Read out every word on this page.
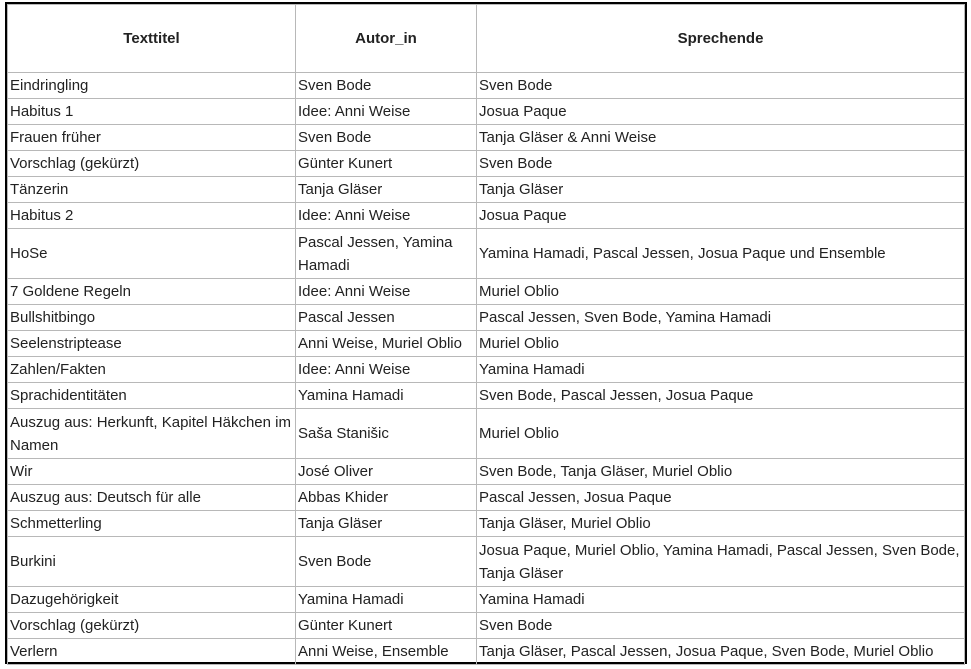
Texttitel	Autor_in	Sprechende
Eindringling	Sven Bode	Sven Bode
Habitus 1	Idee: Anni Weise	Josua Paque
Frauen früher	Sven Bode	Tanja Gläser & Anni Weise
Vorschlag (gekürzt)	Günter Kunert	Sven Bode
Tänzerin	Tanja Gläser	Tanja Gläser
Habitus 2	Idee: Anni Weise	Josua Paque
HoSe	Pascal Jessen, Yamina Hamadi	Yamina Hamadi, Pascal Jessen, Josua Paque und Ensemble
7 Goldene Regeln	Idee: Anni Weise	Muriel Oblio
Bullshitbingo	Pascal Jessen	Pascal Jessen, Sven Bode, Yamina Hamadi
Seelenstriptease	Anni Weise, Muriel Oblio	Muriel Oblio
Zahlen/Fakten	Idee: Anni Weise	Yamina Hamadi
Sprachidentitäten	Yamina Hamadi	Sven Bode, Pascal Jessen, Josua Paque
Auszug aus: Herkunft, Kapitel Häkchen im Namen	Saša Stanišic	Muriel Oblio
Wir	José Oliver	Sven Bode, Tanja Gläser, Muriel Oblio
Auszug aus: Deutsch für alle	Abbas Khider	Pascal Jessen, Josua Paque
Schmetterling	Tanja Gläser	Tanja Gläser, Muriel Oblio
Burkini	Sven Bode	Josua Paque, Muriel Oblio, Yamina Hamadi, Pascal Jessen, Sven Bode, Tanja Gläser
Dazugehörigkeit	Yamina Hamadi	Yamina Hamadi
Vorschlag (gekürzt)	Günter Kunert	Sven Bode
Verlern	Anni Weise, Ensemble	Tanja Gläser, Pascal Jessen, Josua Paque, Sven Bode, Muriel Oblio
